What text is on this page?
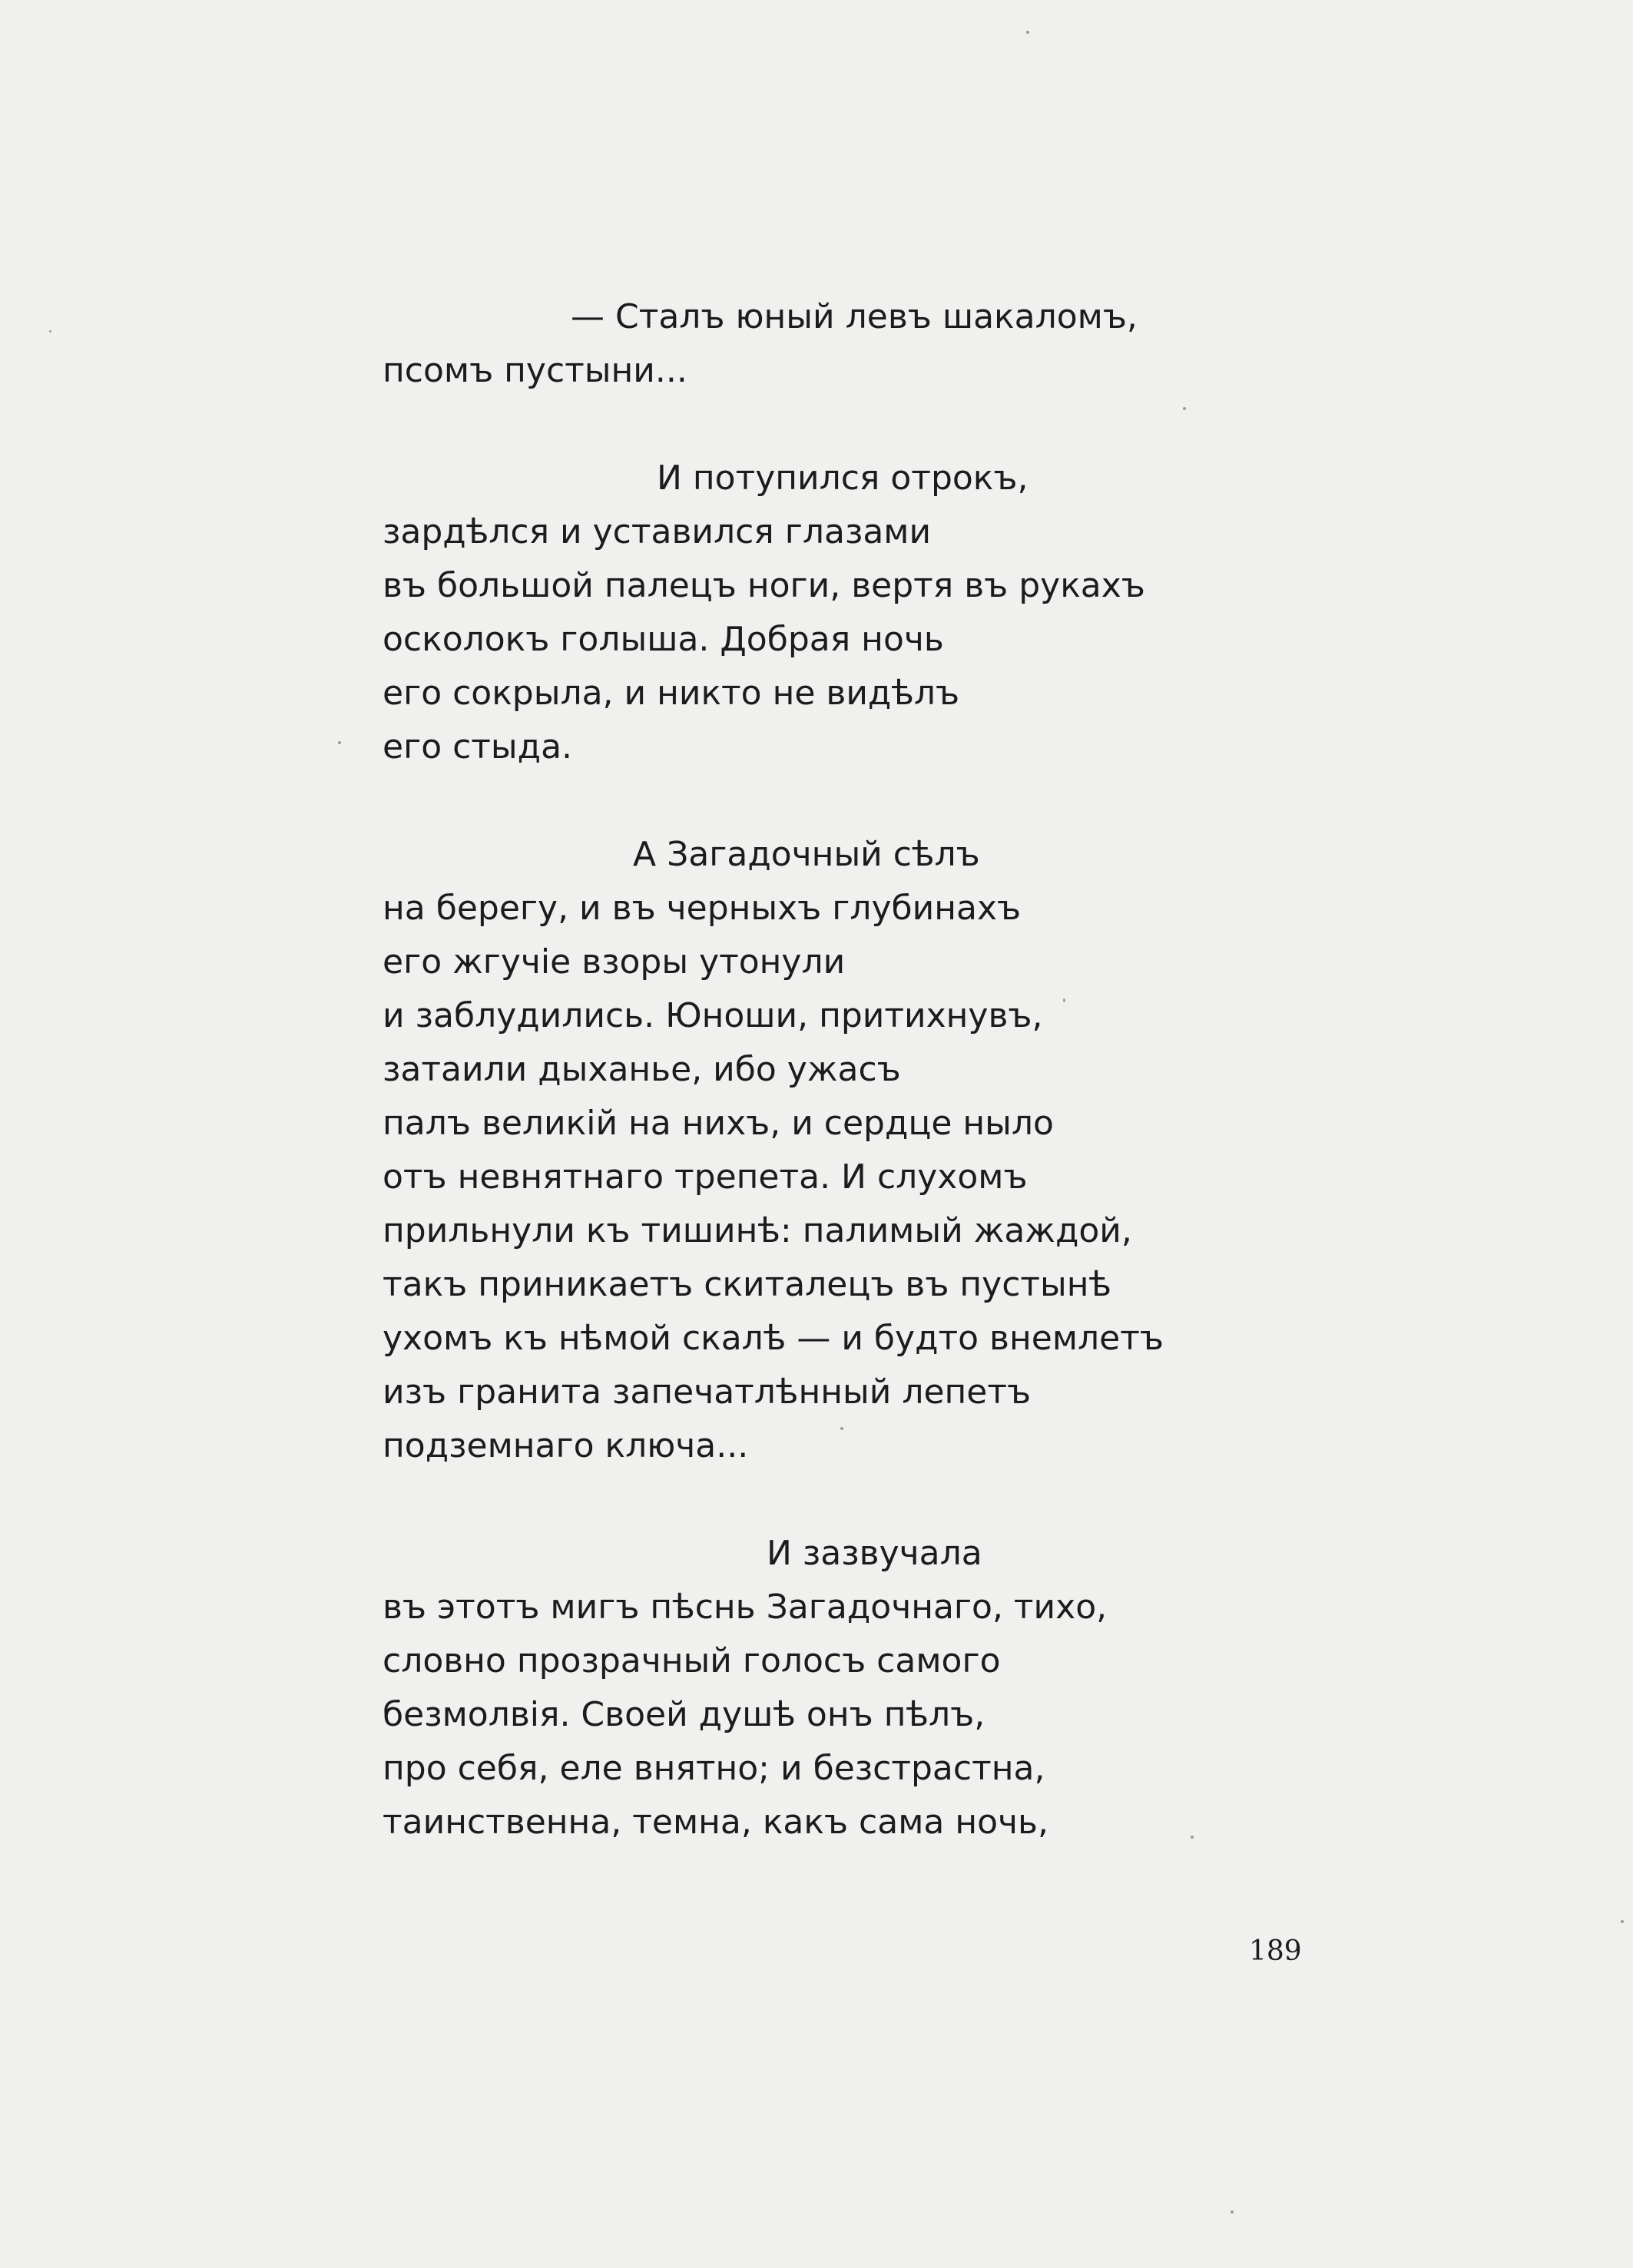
— Сталъ юный левъ шакаломъ,
псомъ пустыни...
И потупился отрокъ,
зардѣлся и уставился глазами
въ большой палецъ ноги, вертя въ рукахъ
осколокъ голыша. Добрая ночь
его сокрыла, и никто не видѣлъ
его стыда.
А Загадочный сѣлъ
на берегу, и въ черныхъ глубинахъ
его жгучіе взоры утонули
и заблудились. Юноши, притихнувъ,
затаили дыханье, ибо ужасъ
палъ великій на нихъ, и сердце ныло
отъ невнятнаго трепета. И слухомъ
прильнули къ тишинѣ: палимый жаждой,
такъ приникаетъ скиталецъ въ пустынѣ
ухомъ къ нѣмой скалѣ — и будто внемлетъ
изъ гранита запечатлѣнный лепетъ
подземнаго ключа...
И зазвучала
въ этотъ мигъ пѣснь Загадочнаго, тихо,
словно прозрачный голосъ самого
безмолвія. Своей душѣ онъ пѣлъ,
про себя, еле внятно; и безстрастна,
таинственна, темна, какъ сама ночь,
189
